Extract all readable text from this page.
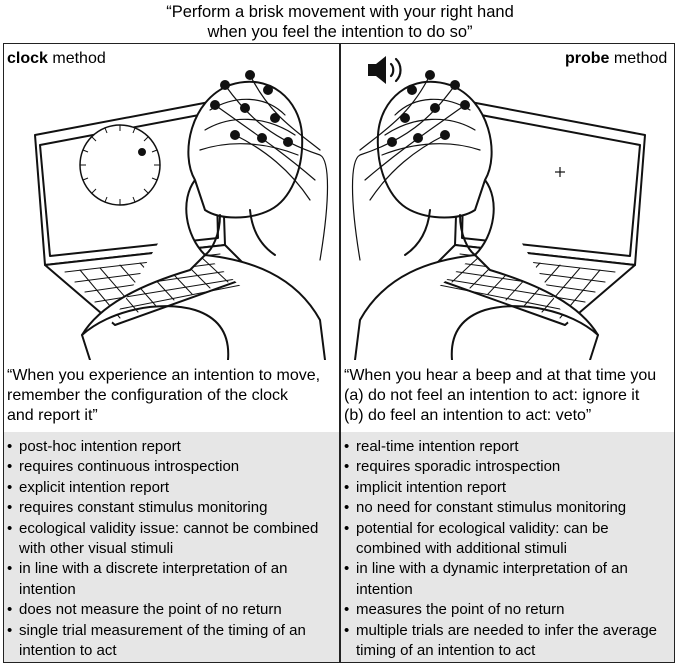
“Perform a brisk movement with your right hand
when you feel the intention to do so”
clock method
“When you experience an intention to move,
remember the configuration of the clock
and report it”
• post-hoc intention report
• requires continuous introspection
• explicit intention report
• requires constant stimulus monitoring
• ecological validity issue: cannot be combined with other visual stimuli
• in line with a discrete interpretation of an intention
• does not measure the point of no return
• single trial measurement of the timing of an intention to act
probe method
“When you hear a beep and at that time you
(a) do not feel an intention to act: ignore it
(b) do feel an intention to act: veto”
• real-time intention report
• requires sporadic introspection
• implicit intention report
• no need for constant stimulus monitoring
• potential for ecological validity: can be combined with additional stimuli
• in line with a dynamic interpretation of an intention
• measures the point of no return
• multiple trials are needed to infer the average timing of an intention to act
